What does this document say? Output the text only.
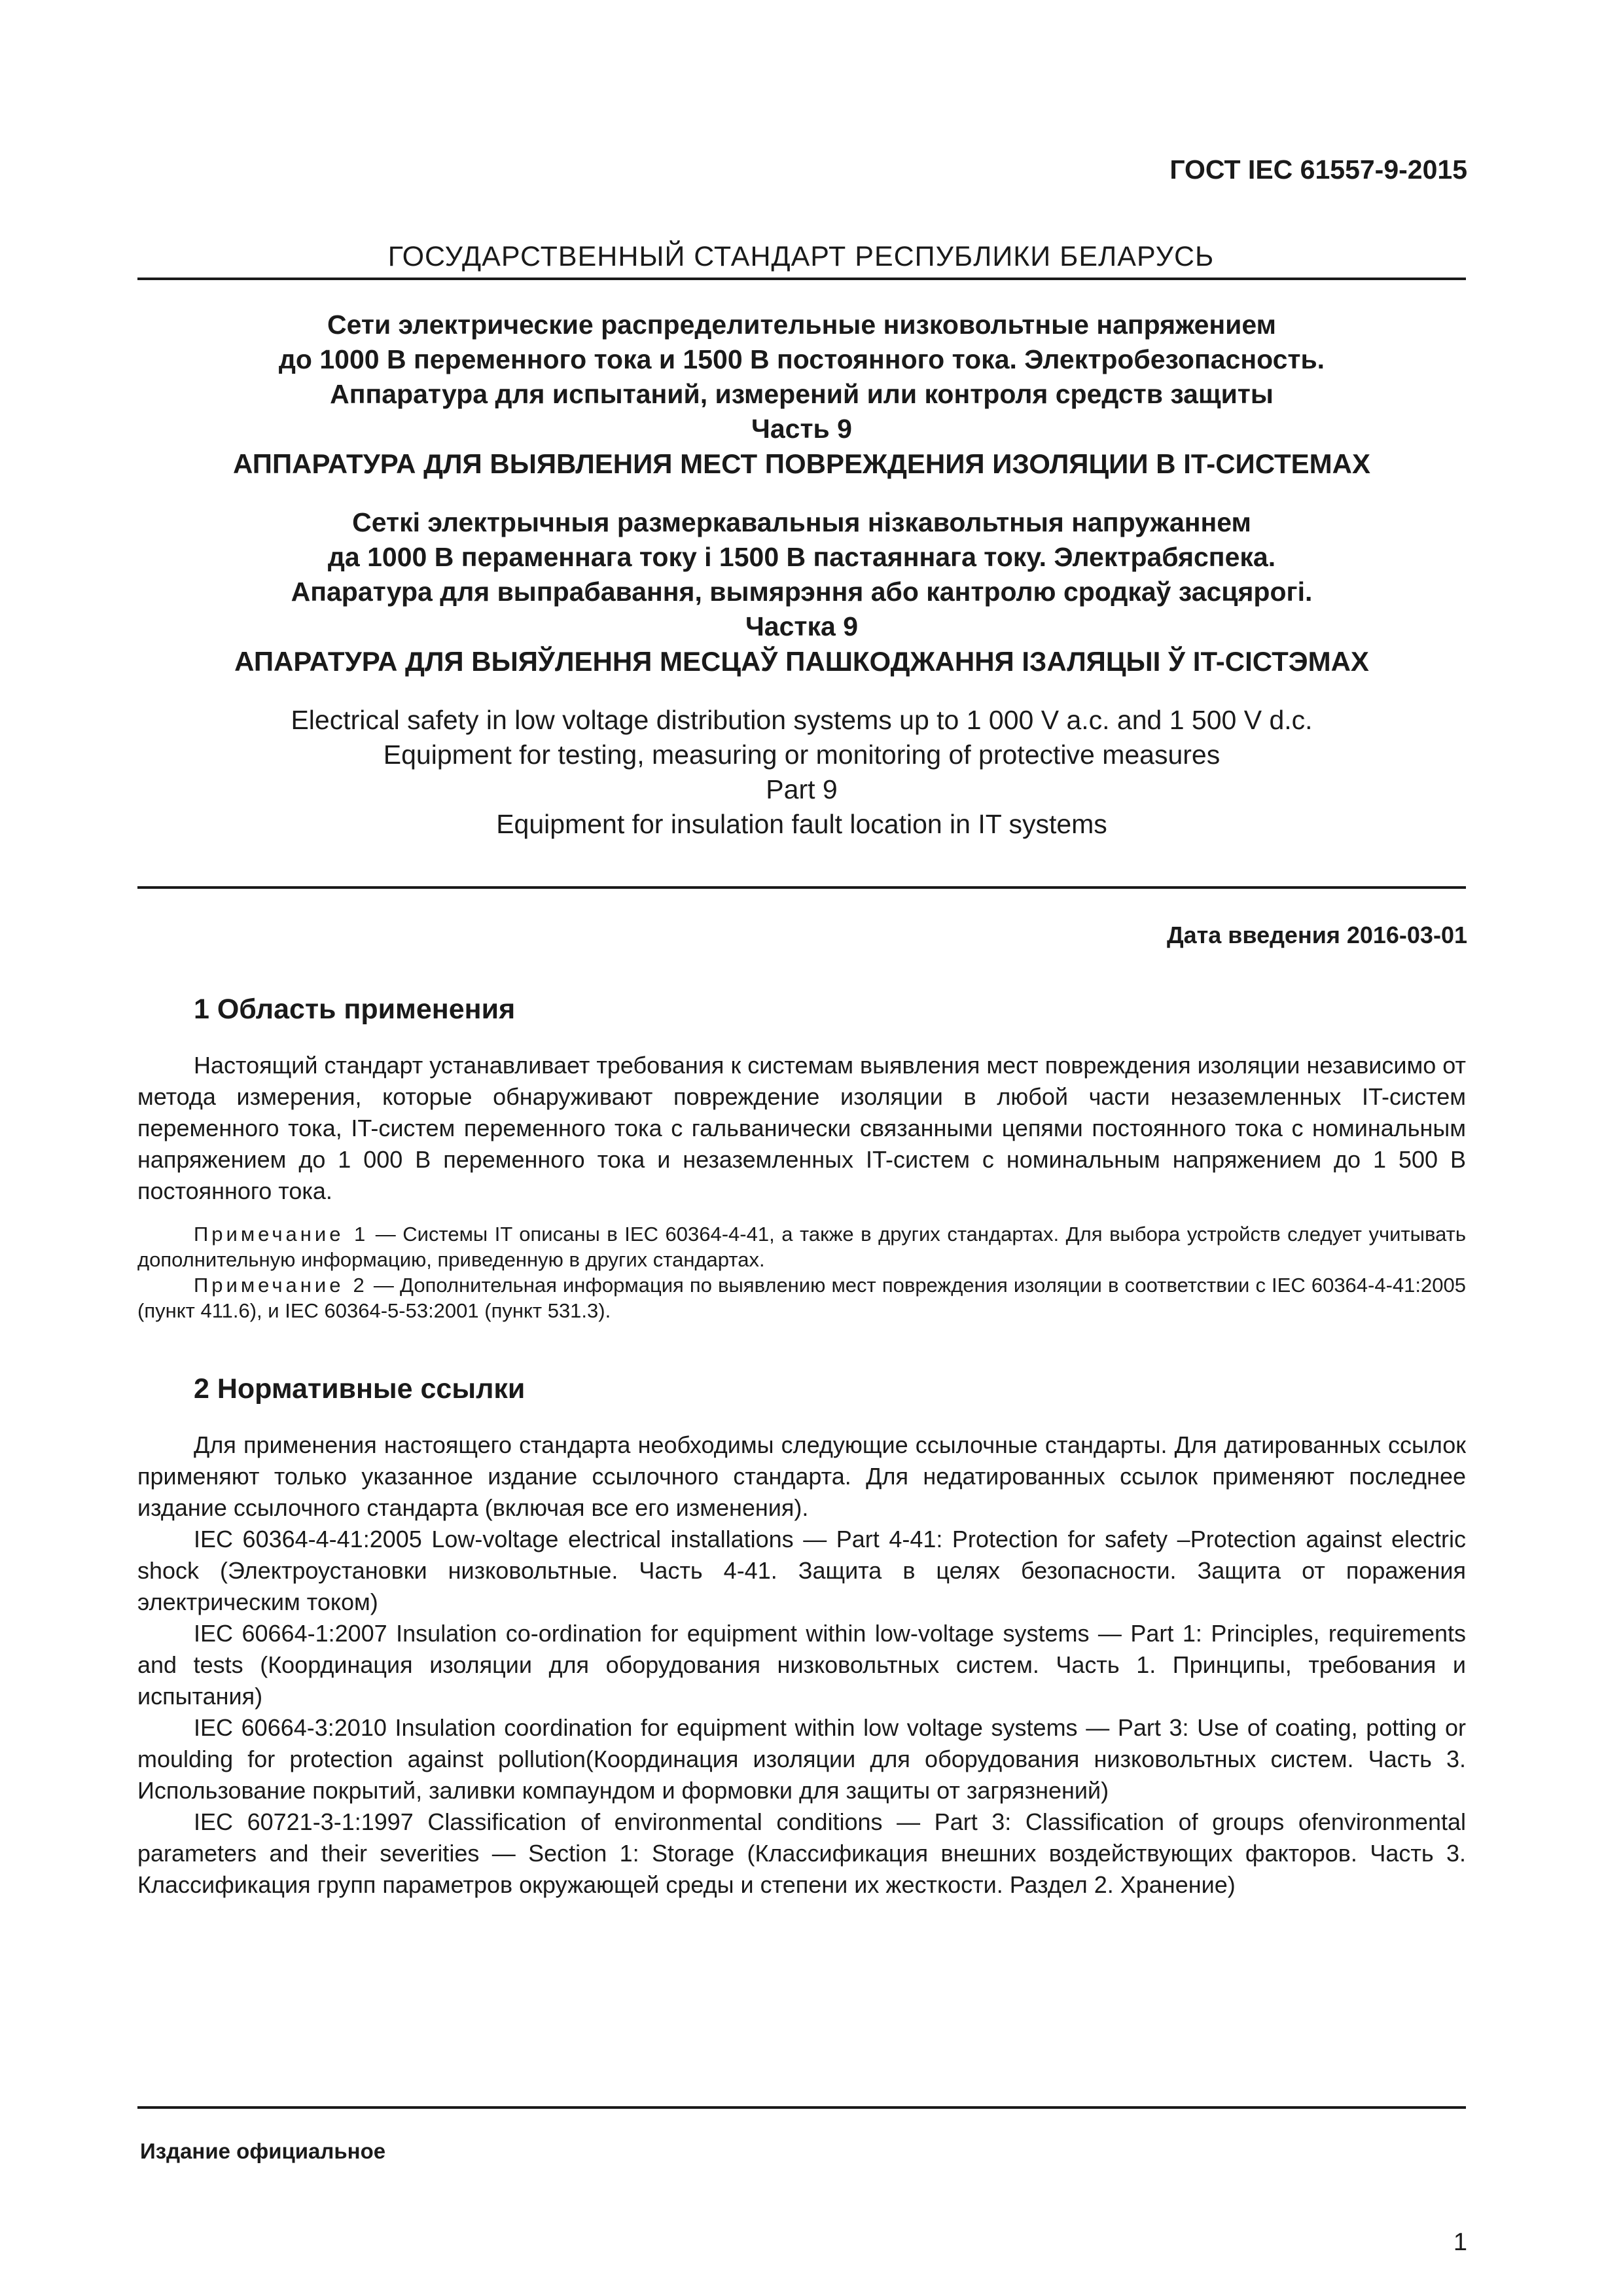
ГОСТ IEC 61557-9-2015
ГОСУДАРСТВЕННЫЙ СТАНДАРТ РЕСПУБЛИКИ БЕЛАРУСЬ
Сети электрические распределительные низковольтные напряжением
до 1000 В переменного тока и 1500 В постоянного тока. Электробезопасность.
Аппаратура для испытаний, измерений или контроля средств защиты
Часть 9
АППАРАТУРА ДЛЯ ВЫЯВЛЕНИЯ МЕСТ ПОВРЕЖДЕНИЯ ИЗОЛЯЦИИ В IT-СИСТЕМАХ
Сеткі электрычныя размеркавальныя нізкавольтныя напружаннем
да 1000 В пераменнага току і 1500 В пастаяннага току. Электрабяспека.
Апаратура для выпрабавання, вымярэння або кантролю сродкаў засцярогі.
Частка 9
АПАРАТУРА ДЛЯ ВЫЯЎЛЕННЯ МЕСЦАЎ ПАШКОДЖАННЯ ІЗАЛЯЦЫІ Ў IT-СІСТЭМАХ
Electrical safety in low voltage distribution systems up to 1 000 V a.c. and 1 500 V d.c.
Equipment for testing, measuring or monitoring of protective measures
Part 9
Equipment for insulation fault location in IT systems
Дата введения 2016-03-01
1 Область применения

Настоящий стандарт устанавливает требования к системам выявления мест повреждения изоляции независимо от метода измерения, которые обнаруживают повреждение изоляции в любой части незаземленных IT-систем переменного тока, IT-систем переменного тока с гальванически связанными цепями постоянного тока с номинальным напряжением до 1 000 В переменного тока и незаземленных IT-систем с номинальным напряжением до 1 500 В постоянного тока.

Примечание 1 — Системы IT описаны в IEC 60364-4-41, а также в других стандартах. Для выбора устройств следует учитывать дополнительную информацию, приведенную в других стандартах.

Примечание 2 — Дополнительная информация по выявлению мест повреждения изоляции в соответствии с IEC 60364-4-41:2005 (пункт 411.6), и IEC 60364-5-53:2001 (пункт 531.3).

2 Нормативные ссылки

Для применения настоящего стандарта необходимы следующие ссылочные стандарты. Для датированных ссылок применяют только указанное издание ссылочного стандарта. Для недатированных ссылок применяют последнее издание ссылочного стандарта (включая все его изменения).

IEC 60364-4-41:2005 Low-voltage electrical installations — Part 4-41: Protection for safety –Protection against electric shock (Электроустановки низковольтные. Часть 4-41. Защита в целях безопасности. Защита от поражения электрическим током)

IEC 60664-1:2007 Insulation co-ordination for equipment within low-voltage systems — Part 1: Principles, requirements and tests (Координация изоляции для оборудования низковольтных систем. Часть 1. Принципы, требования и испытания)

IEC 60664-3:2010 Insulation coordination for equipment within low voltage systems — Part 3: Use of coating, potting or moulding for protection against pollution(Координация изоляции для оборудования низковольтных систем. Часть 3. Использование покрытий, заливки компаундом и формовки для защиты от загрязнений)

IEC 60721-3-1:1997 Classification of environmental conditions — Part 3: Classification of groups ofenvironmental parameters and their severities — Section 1: Storage (Классификация внешних воздействующих факторов. Часть 3. Классификация групп параметров окружающей среды и степени их жесткости. Раздел 2. Хранение)

Издание официальное
1
